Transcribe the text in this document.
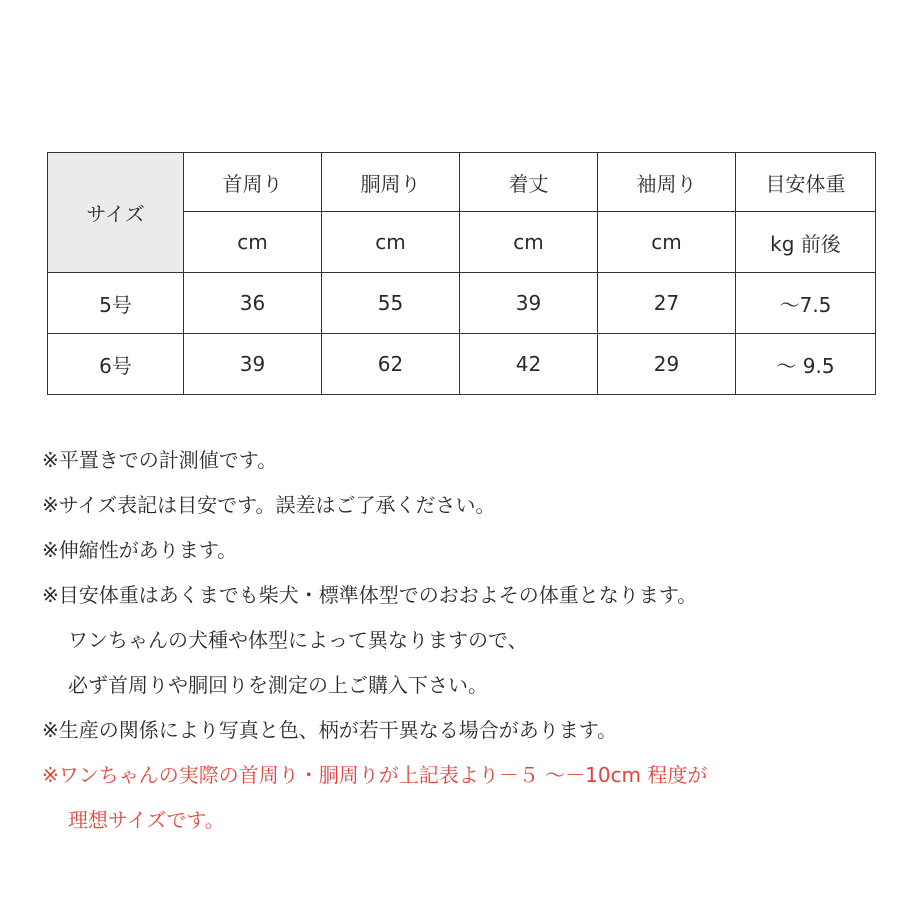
サイズ	首周り	胴周り	着丈	袖周り	目安体重
	cm	cm	cm	cm	kg 前後
5号	36	55	39	27	～7.5
6号	39	62	42	29	～ 9.5
※平置きでの計測値です。
※サイズ表記は目安です。誤差はご了承ください。
※伸縮性があります。
※目安体重はあくまでも柴犬・標準体型でのおおよその体重となります。
ワンちゃんの犬種や体型によって異なりますので、
必ず首周りや胴回りを測定の上ご購入下さい。
※生産の関係により写真と色、柄が若干異なる場合があります。
※ワンちゃんの実際の首周り・胴周りが上記表より－５ ～－10cm 程度が
理想サイズです。
